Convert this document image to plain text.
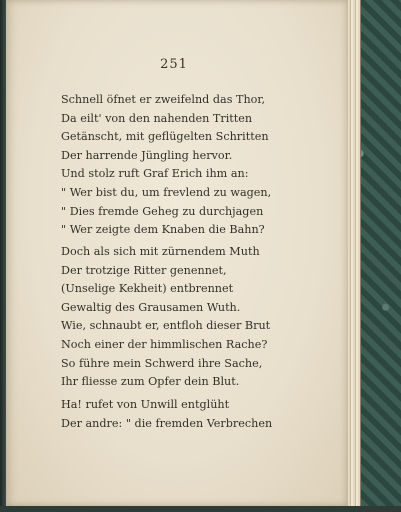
251
Schnell öfnet er zweifelnd das Thor,
Da eilt' von den nahenden Tritten
Getänscht, mit geflügelten Schritten
Der harrende Jüngling hervor.
Und stolz ruft Graf Erich ihm an:
" Wer bist du, um frevlend zu wagen,
" Dies fremde Geheg zu durchjagen
" Wer zeigte dem Knaben die Bahn?
Doch als sich mit zürnendem Muth
Der trotzige Ritter genennet,
(Unselige Kekheit) entbrennet
Gewaltig des Grausamen Wuth.
Wie, schnaubt er, entfloh dieser Brut
Noch einer der himmlischen Rache?
So führe mein Schwerd ihre Sache,
Ihr fliesse zum Opfer dein Blut.
Ha! rufet von Unwill entglüht
Der andre: " die fremden Verbrechen
